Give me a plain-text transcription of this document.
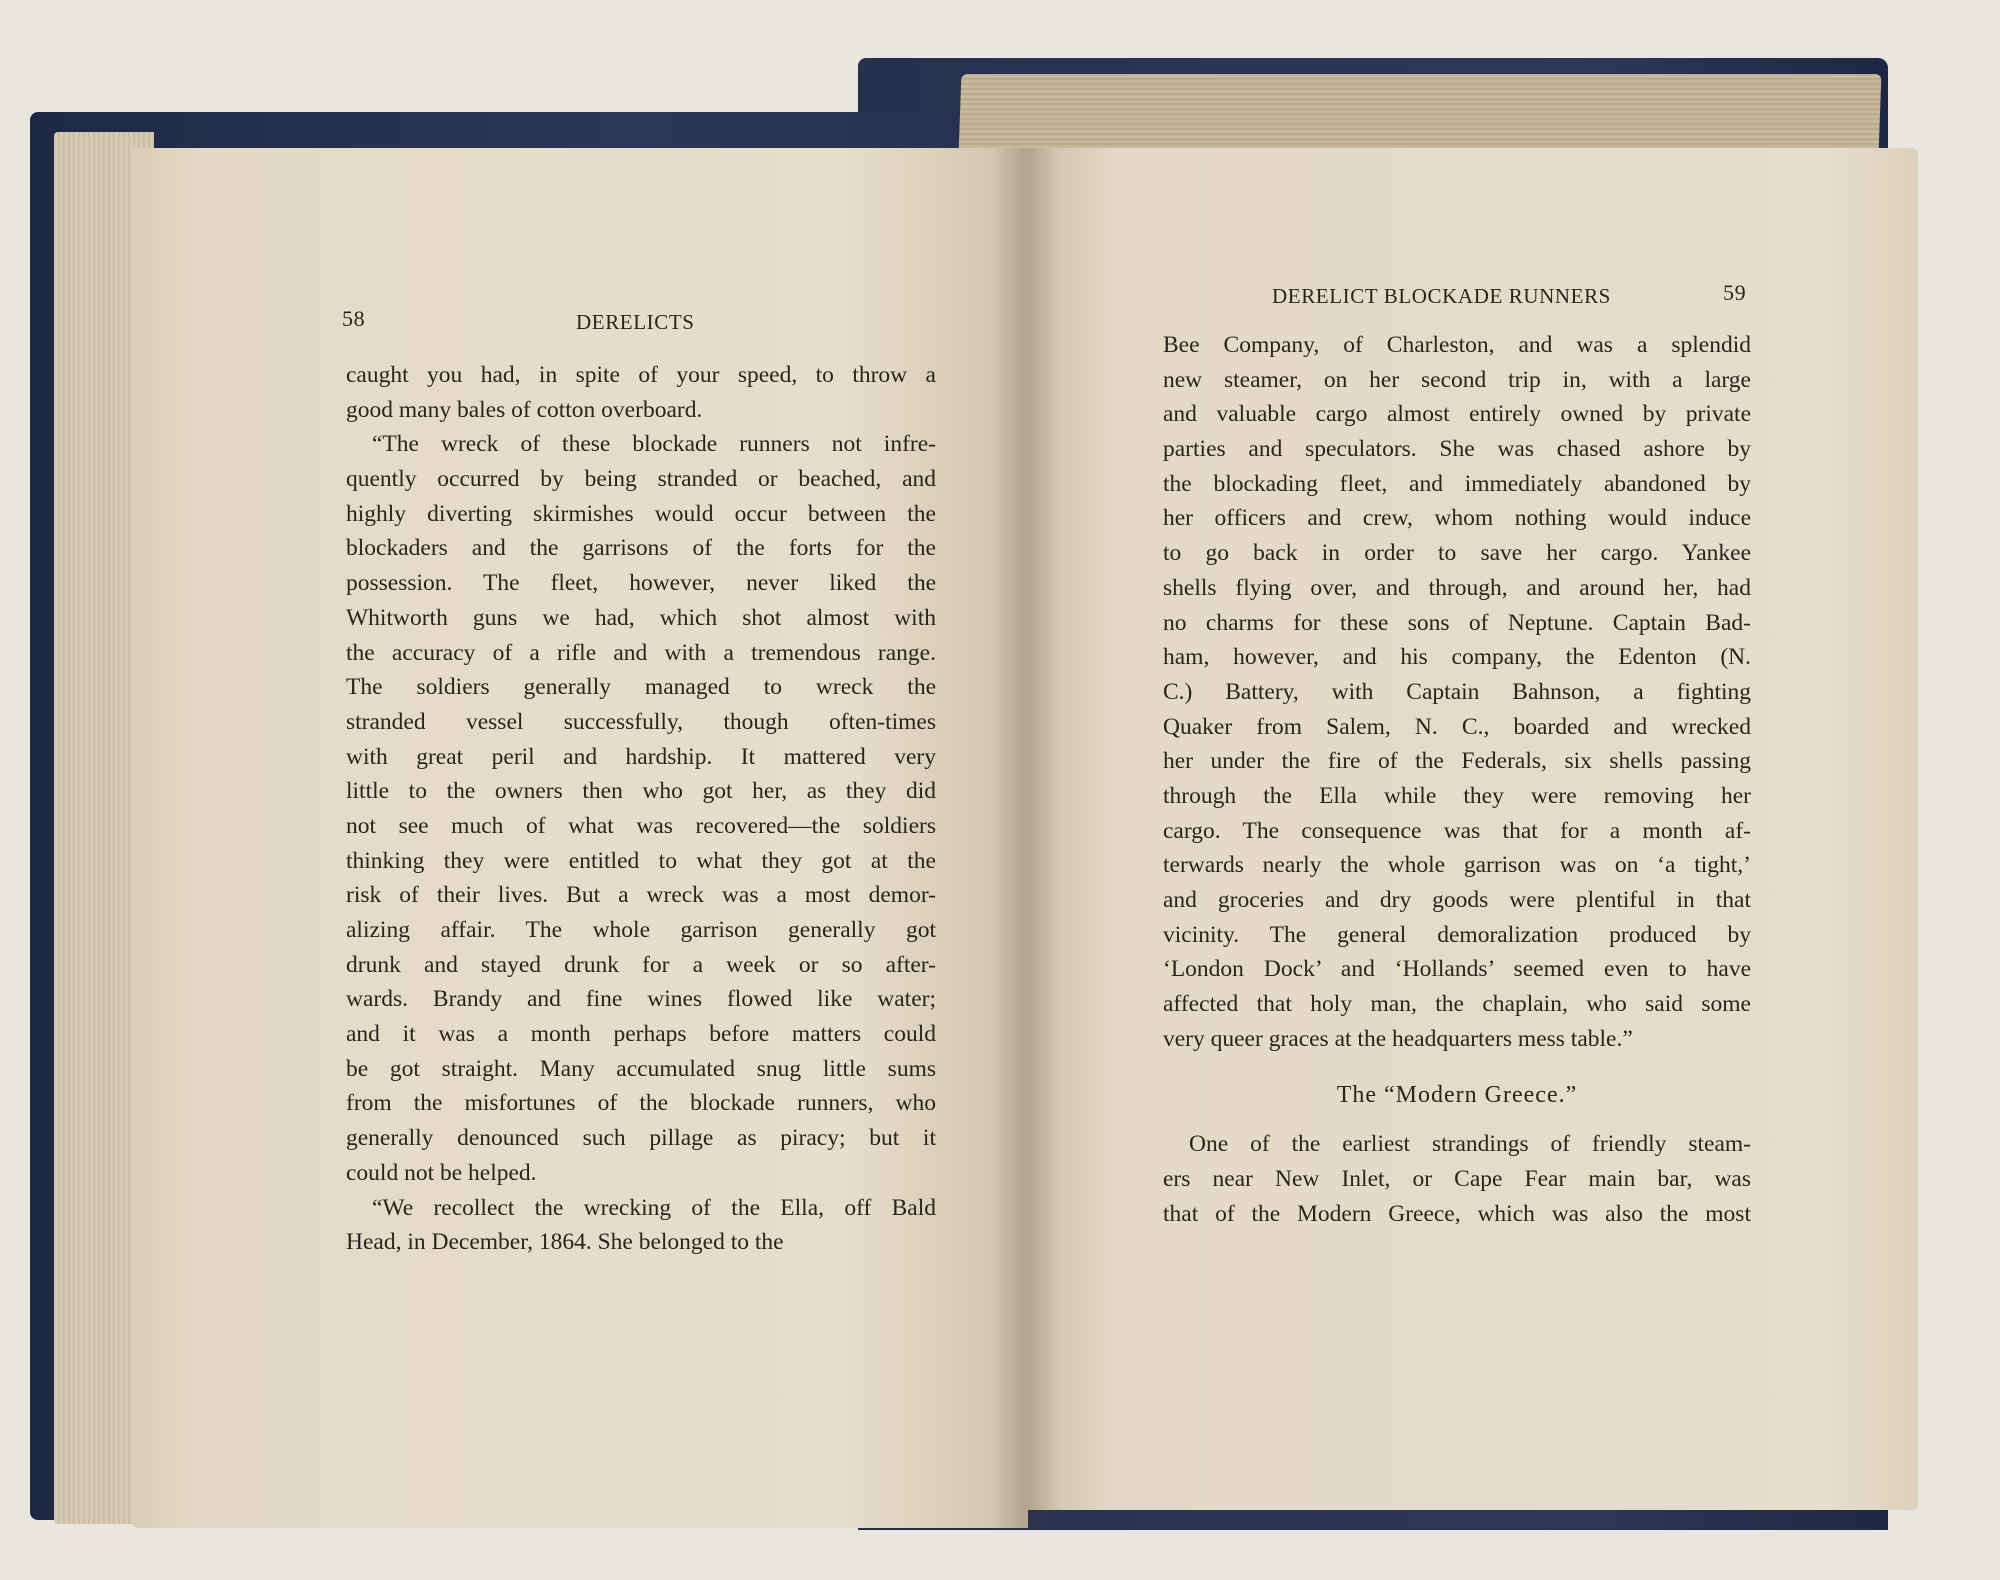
58	DERELICTS
caught you had, in spite of your speed, to throw a
good many bales of cotton overboard.
“The wreck of these blockade runners not infre-
quently occurred by being stranded or beached, and
highly diverting skirmishes would occur between the
blockaders and the garrisons of the forts for the
possession. The fleet, however, never liked the
Whitworth guns we had, which shot almost with
the accuracy of a rifle and with a tremendous range.
The soldiers generally managed to wreck the
stranded vessel successfully, though often-times
with great peril and hardship. It mattered very
little to the owners then who got her, as they did
not see much of what was recovered—the soldiers
thinking they were entitled to what they got at the
risk of their lives. But a wreck was a most demor-
alizing affair. The whole garrison generally got
drunk and stayed drunk for a week or so after-
wards. Brandy and fine wines flowed like water;
and it was a month perhaps before matters could
be got straight. Many accumulated snug little sums
from the misfortunes of the blockade runners, who
generally denounced such pillage as piracy; but it
could not be helped.
“We recollect the wrecking of the Ella, off Bald
Head, in December, 1864. She belonged to the
DERELICT BLOCKADE RUNNERS	59
Bee Company, of Charleston, and was a splendid
new steamer, on her second trip in, with a large
and valuable cargo almost entirely owned by private
parties and speculators. She was chased ashore by
the blockading fleet, and immediately abandoned by
her officers and crew, whom nothing would induce
to go back in order to save her cargo. Yankee
shells flying over, and through, and around her, had
no charms for these sons of Neptune. Captain Bad-
ham, however, and his company, the Edenton (N.
C.) Battery, with Captain Bahnson, a fighting
Quaker from Salem, N. C., boarded and wrecked
her under the fire of the Federals, six shells passing
through the Ella while they were removing her
cargo. The consequence was that for a month af-
terwards nearly the whole garrison was on ‘a tight,’
and groceries and dry goods were plentiful in that
vicinity. The general demoralization produced by
‘London Dock’ and ‘Hollands’ seemed even to have
affected that holy man, the chaplain, who said some
very queer graces at the headquarters mess table.”
The “Modern Greece.”
One of the earliest strandings of friendly steam-
ers near New Inlet, or Cape Fear main bar, was
that of the Modern Greece, which was also the most
